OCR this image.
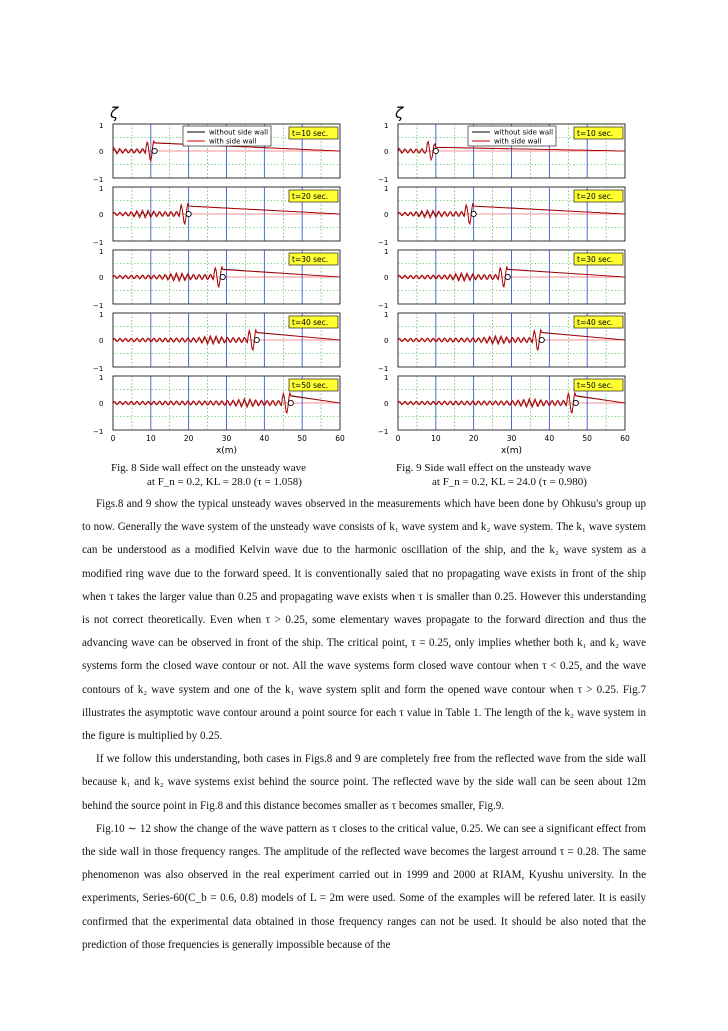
ζ
1
0
−1
t=10 sec.
without side wall
with side wall
1
0
−1
t=20 sec.
1
0
−1
t=30 sec.
1
0
−1
t=40 sec.
1
0
−1
t=50 sec.
0	10	20	30	40	50	60
x(m)
ζ
1
0
−1
t=10 sec.
without side wall
with side wall
1
0
−1
t=20 sec.
1
0
−1
t=30 sec.
1
0
−1
t=40 sec.
1
0
−1
t=50 sec.
0	10	20	30	40	50	60
x(m)
Fig. 8 Side wall effect on the unsteady wave
at F_n = 0.2, KL = 28.0 (τ = 1.058)
Fig. 9 Side wall effect on the unsteady wave
at F_n = 0.2, KL = 24.0 (τ = 0.980)

Figs.8 and 9 show the typical unsteady waves observed in the measurements which have been done by Ohkusu's group up to now. Generally the wave system of the unsteady wave consists of k₁ wave system and k₂ wave system. The k₁ wave system can be understood as a modified Kelvin wave due to the harmonic oscillation of the ship, and the k₂ wave system as a modified ring wave due to the forward speed. It is conventionally saied that no propagating wave exists in front of the ship when τ takes the larger value than 0.25 and propagating wave exists when τ is smaller than 0.25. However this understanding is not correct theoretically. Even when τ > 0.25, some elementary waves propagate to the forward direction and thus the advancing wave can be observed in front of the ship. The critical point, τ = 0.25, only implies whether both k₁ and k₂ wave systems form the closed wave contour or not. All the wave systems form closed wave contour when τ < 0.25, and the wave contours of k₂ wave system and one of the k₁ wave system split and form the opened wave contour when τ > 0.25. Fig.7 illustrates the asymptotic wave contour around a point source for each τ value in Table 1. The length of the k₂ wave system in the figure is multiplied by 0.25.

If we follow this understanding, both cases in Figs.8 and 9 are completely free from the reflected wave from the side wall because k₁ and k₂ wave systems exist behind the source point. The reflected wave by the side wall can be seen about 12m behind the source point in Fig.8 and this distance becomes smaller as τ becomes smaller, Fig.9.

Fig.10 ∼ 12 show the change of the wave pattern as τ closes to the critical value, 0.25. We can see a significant effect from the side wall in those frequency ranges. The amplitude of the reflected wave becomes the largest arround τ = 0.28. The same phenomenon was also observed in the real experiment carried out in 1999 and 2000 at RIAM, Kyushu university. In the experiments, Series-60(C_b = 0.6, 0.8) models of L = 2m were used. Some of the examples will be refered later. It is easily confirmed that the experimental data obtained in those frequency ranges can not be used. It should be also noted that the prediction of those frequencies is generally impossible because of the
